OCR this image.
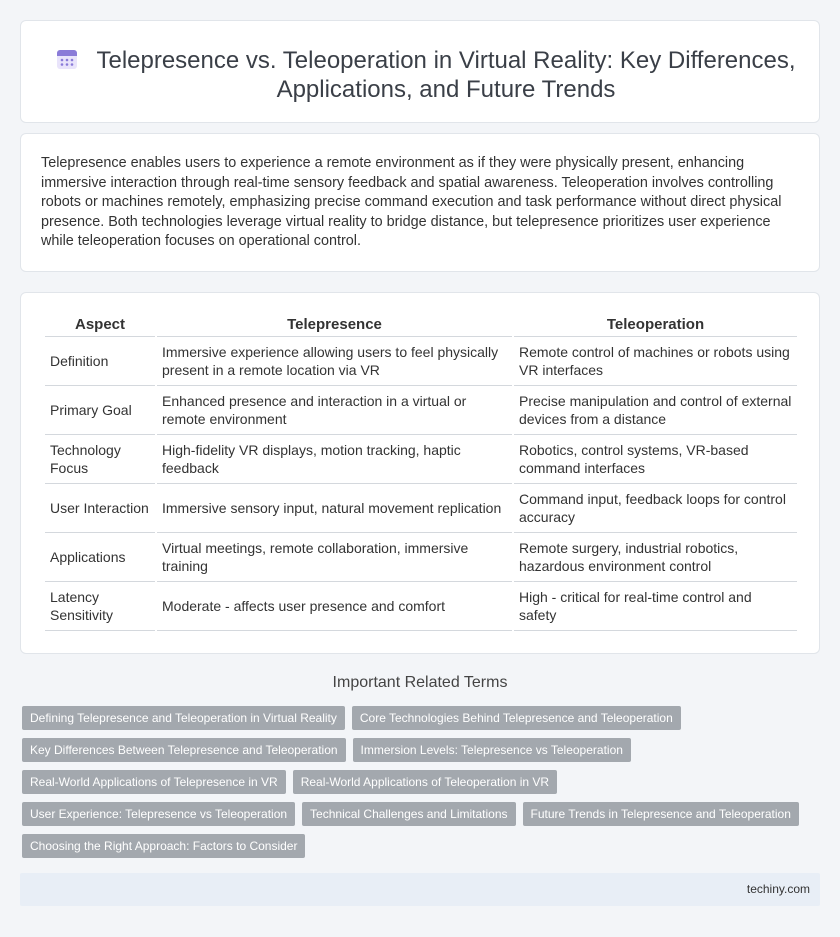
Telepresence vs. Teleoperation in Virtual Reality: Key Differences, Applications, and Future Trends

Telepresence enables users to experience a remote environment as if they were physically present, enhancing immersive interaction through real-time sensory feedback and spatial awareness. Teleoperation involves controlling robots or machines remotely, emphasizing precise command execution and task performance without direct physical presence. Both technologies leverage virtual reality to bridge distance, but telepresence prioritizes user experience while teleoperation focuses on operational control.

Aspect	Telepresence	Teleoperation
Definition	Immersive experience allowing users to feel physically present in a remote location via VR	Remote control of machines or robots using VR interfaces
Primary Goal	Enhanced presence and interaction in a virtual or remote environment	Precise manipulation and control of external devices from a distance
Technology Focus	High-fidelity VR displays, motion tracking, haptic feedback	Robotics, control systems, VR-based command interfaces
User Interaction	Immersive sensory input, natural movement replication	Command input, feedback loops for control accuracy
Applications	Virtual meetings, remote collaboration, immersive training	Remote surgery, industrial robotics, hazardous environment control
Latency Sensitivity	Moderate - affects user presence and comfort	High - critical for real-time control and safety
Important Related Terms
Defining Telepresence and Teleoperation in Virtual Reality	Core Technologies Behind Telepresence and Teleoperation
Key Differences Between Telepresence and Teleoperation	Immersion Levels: Telepresence vs Teleoperation
Real-World Applications of Telepresence in VR	Real-World Applications of Teleoperation in VR
User Experience: Telepresence vs Teleoperation	Technical Challenges and Limitations	Future Trends in Telepresence and Teleoperation
Choosing the Right Approach: Factors to Consider
techiny.com
